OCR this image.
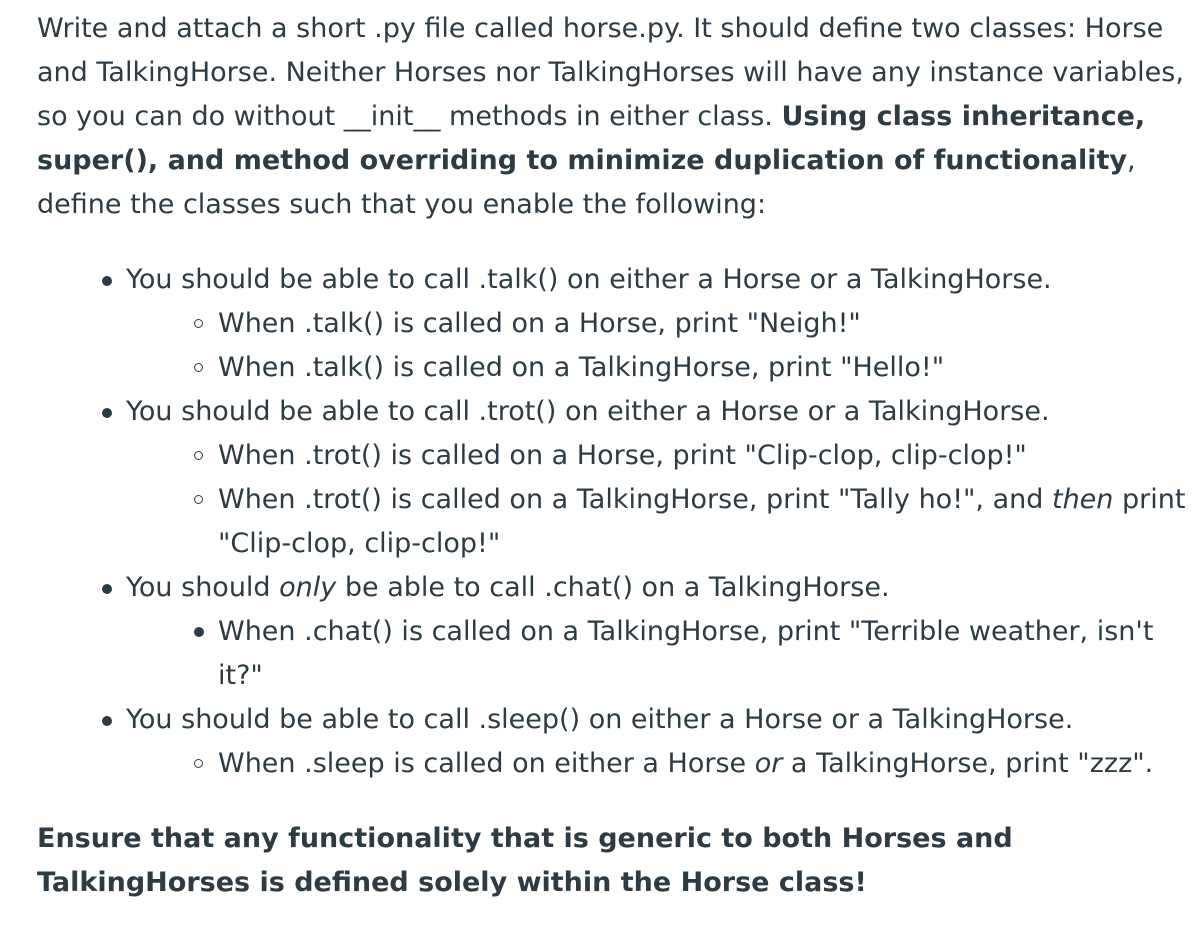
Write and attach a short .py file called horse.py. It should define two classes: Horse and TalkingHorse. Neither Horses nor TalkingHorses will have any instance variables, so you can do without __init__ methods in either class. Using class inheritance, super(), and method overriding to minimize duplication of functionality, define the classes such that you enable the following:

You should be able to call .talk() on either a Horse or a TalkingHorse.
When .talk() is called on a Horse, print "Neigh!"
When .talk() is called on a TalkingHorse, print "Hello!"
You should be able to call .trot() on either a Horse or a TalkingHorse.
When .trot() is called on a Horse, print "Clip-clop, clip-clop!"
When .trot() is called on a TalkingHorse, print "Tally ho!", and then print "Clip-clop, clip-clop!"
You should only be able to call .chat() on a TalkingHorse.
When .chat() is called on a TalkingHorse, print "Terrible weather, isn't it?"
You should be able to call .sleep() on either a Horse or a TalkingHorse.
When .sleep is called on either a Horse or a TalkingHorse, print "zzz".

Ensure that any functionality that is generic to both Horses and TalkingHorses is defined solely within the Horse class!
